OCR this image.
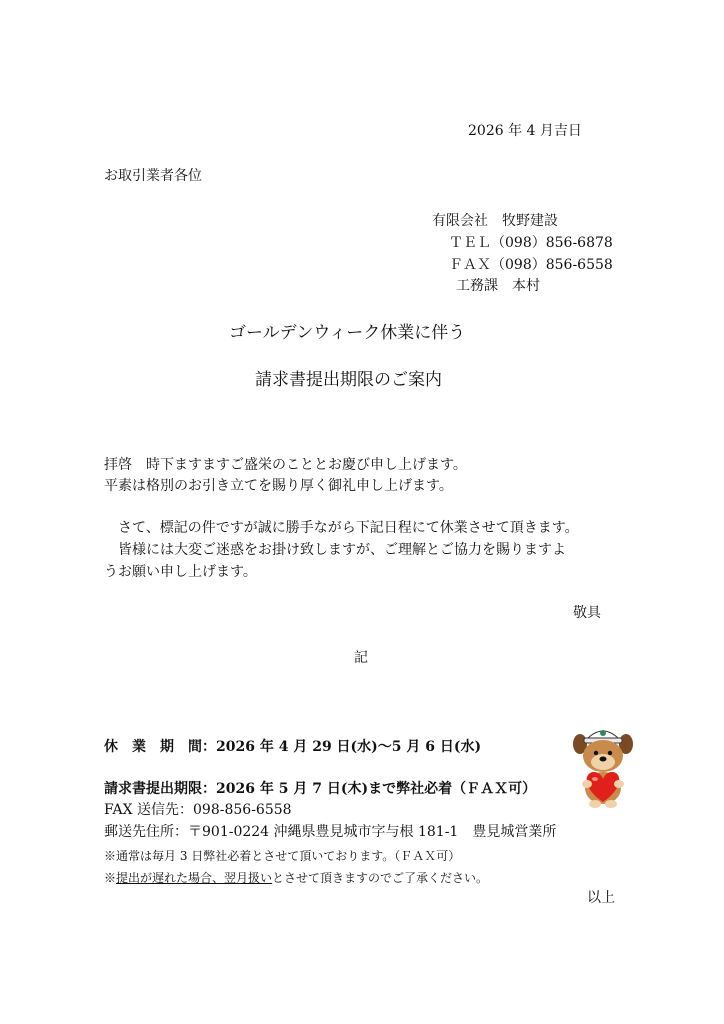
2026 年 4 月吉日
お取引業者各位
有限会社　牧野建設
ＴＥＬ（098）856-6878
ＦＡＸ（098）856-6558
工務課　本村
ゴールデンウィーク休業に伴う
請求書提出期限のご案内
拝啓　時下ますますご盛栄のこととお慶び申し上げます。
平素は格別のお引き立てを賜り厚く御礼申し上げます。
　さて、標記の件ですが誠に勝手ながら下記日程にて休業させて頂きます。
　皆様には大変ご迷惑をお掛け致しますが、ご理解とご協力を賜りますよ
うお願い申し上げます。
敬具
記
休　業　期　間：2026 年 4 月 29 日(水)〜5 月 6 日(水)
請求書提出期限：2026 年 5 月 7 日(木)まで弊社必着（ＦＡＸ可）
FAX 送信先：098-856-6558
郵送先住所：〒901-0224 沖縄県豊見城市字与根 181-1　豊見城営業所
※通常は毎月 3 日弊社必着とさせて頂いております。（ＦＡＸ可）
※提出が遅れた場合、翌月扱いとさせて頂きますのでご了承ください。
以上
